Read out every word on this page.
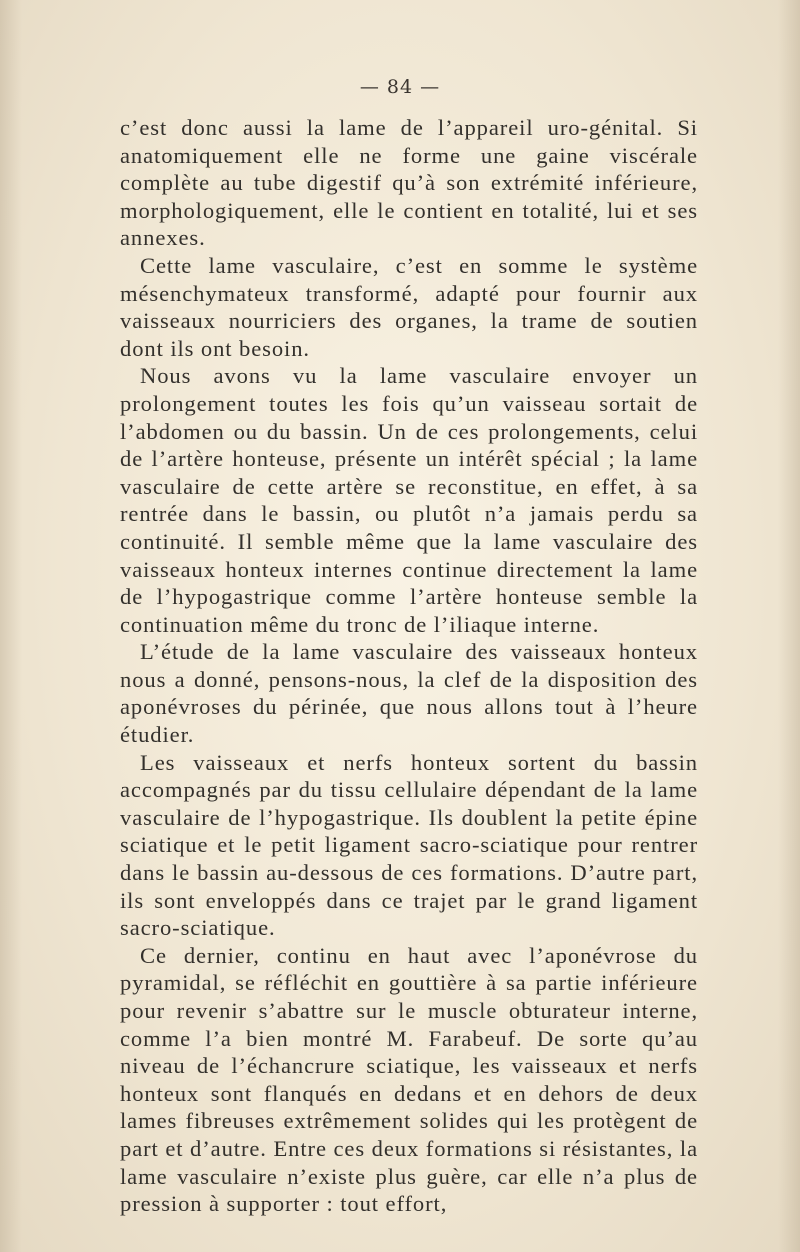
— 84 —

c’est donc aussi la lame de l’appareil uro-génital. Si anatomiquement elle ne forme une gaine viscérale complète au tube digestif qu’à son extrémité inférieure, morphologiquement, elle le contient en totalité, lui et ses annexes.

Cette lame vasculaire, c’est en somme le système mésenchymateux transformé, adapté pour fournir aux vaisseaux nourriciers des organes, la trame de soutien dont ils ont besoin.

Nous avons vu la lame vasculaire envoyer un prolongement toutes les fois qu’un vaisseau sortait de l’abdomen ou du bassin. Un de ces prolongements, celui de l’artère honteuse, présente un intérêt spécial ; la lame vasculaire de cette artère se reconstitue, en effet, à sa rentrée dans le bassin, ou plutôt n’a jamais perdu sa continuité. Il semble même que la lame vasculaire des vaisseaux honteux internes continue directement la lame de l’hypogastrique comme l’artère honteuse semble la continuation même du tronc de l’iliaque interne.

L’étude de la lame vasculaire des vaisseaux honteux nous a donné, pensons-nous, la clef de la disposition des aponévroses du périnée, que nous allons tout à l’heure étudier.

Les vaisseaux et nerfs honteux sortent du bassin accompagnés par du tissu cellulaire dépendant de la lame vasculaire de l’hypogastrique. Ils doublent la petite épine sciatique et le petit ligament sacro-sciatique pour rentrer dans le bassin au-dessous de ces formations. D’autre part, ils sont enveloppés dans ce trajet par le grand ligament sacro-sciatique.

Ce dernier, continu en haut avec l’aponévrose du pyramidal, se réfléchit en gouttière à sa partie inférieure pour revenir s’abattre sur le muscle obturateur interne, comme l’a bien montré M. Farabeuf. De sorte qu’au niveau de l’échancrure sciatique, les vaisseaux et nerfs honteux sont flanqués en dedans et en dehors de deux lames fibreuses extrêmement solides qui les protègent de part et d’autre. Entre ces deux formations si résistantes, la lame vasculaire n’existe plus guère, car elle n’a plus de pression à supporter : tout effort,
